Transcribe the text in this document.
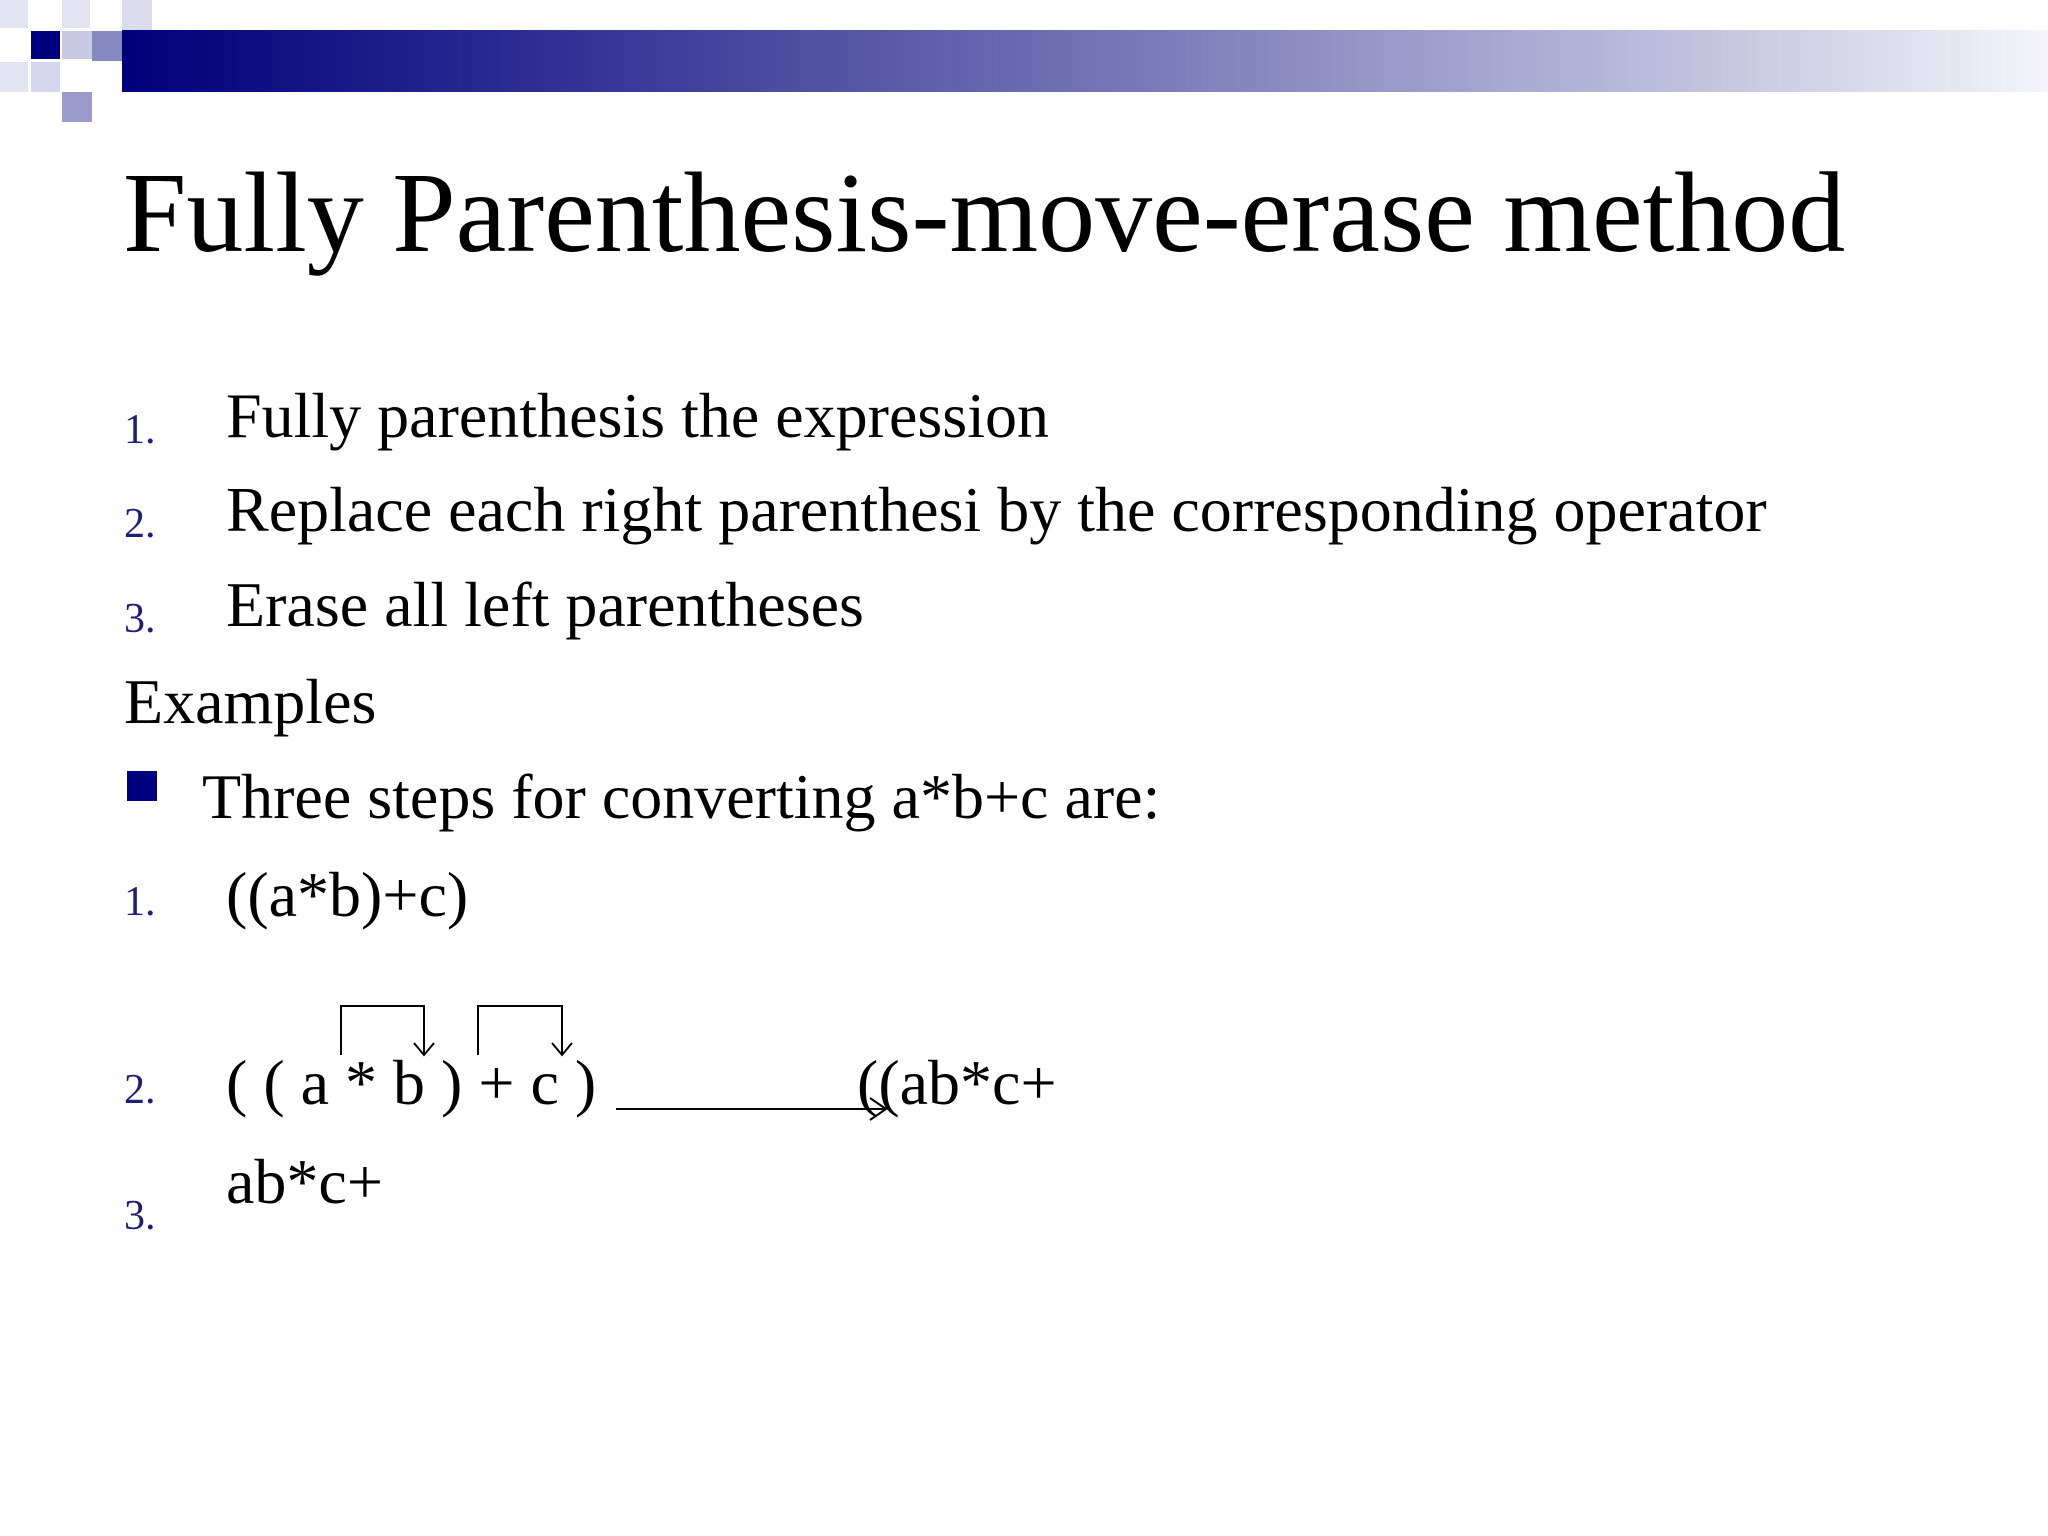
Fully Parenthesis-move-erase method
1. Fully parenthesis the expression
2. Replace each right parenthesi by the corresponding operator
3. Erase all left parentheses
Examples
Three steps for converting a*b+c are:
1. ((a*b)+c)
2. ( ( a * b ) + c )	((ab*c+
3. ab*c+
